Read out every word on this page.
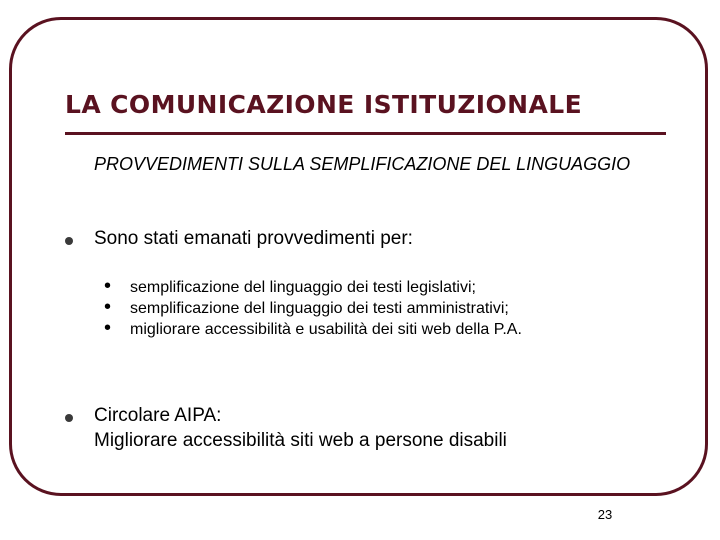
LA COMUNICAZIONE ISTITUZIONALE

PROVVEDIMENTI SULLA SEMPLIFICAZIONE DEL LINGUAGGIO

Sono stati emanati provvedimenti per:

• semplificazione del linguaggio dei testi legislativi;
• semplificazione del linguaggio dei testi amministrativi;
• migliorare accessibilità e usabilità dei siti web della P.A.

Circolare AIPA:

Migliorare accessibilità siti web a persone disabili

23
